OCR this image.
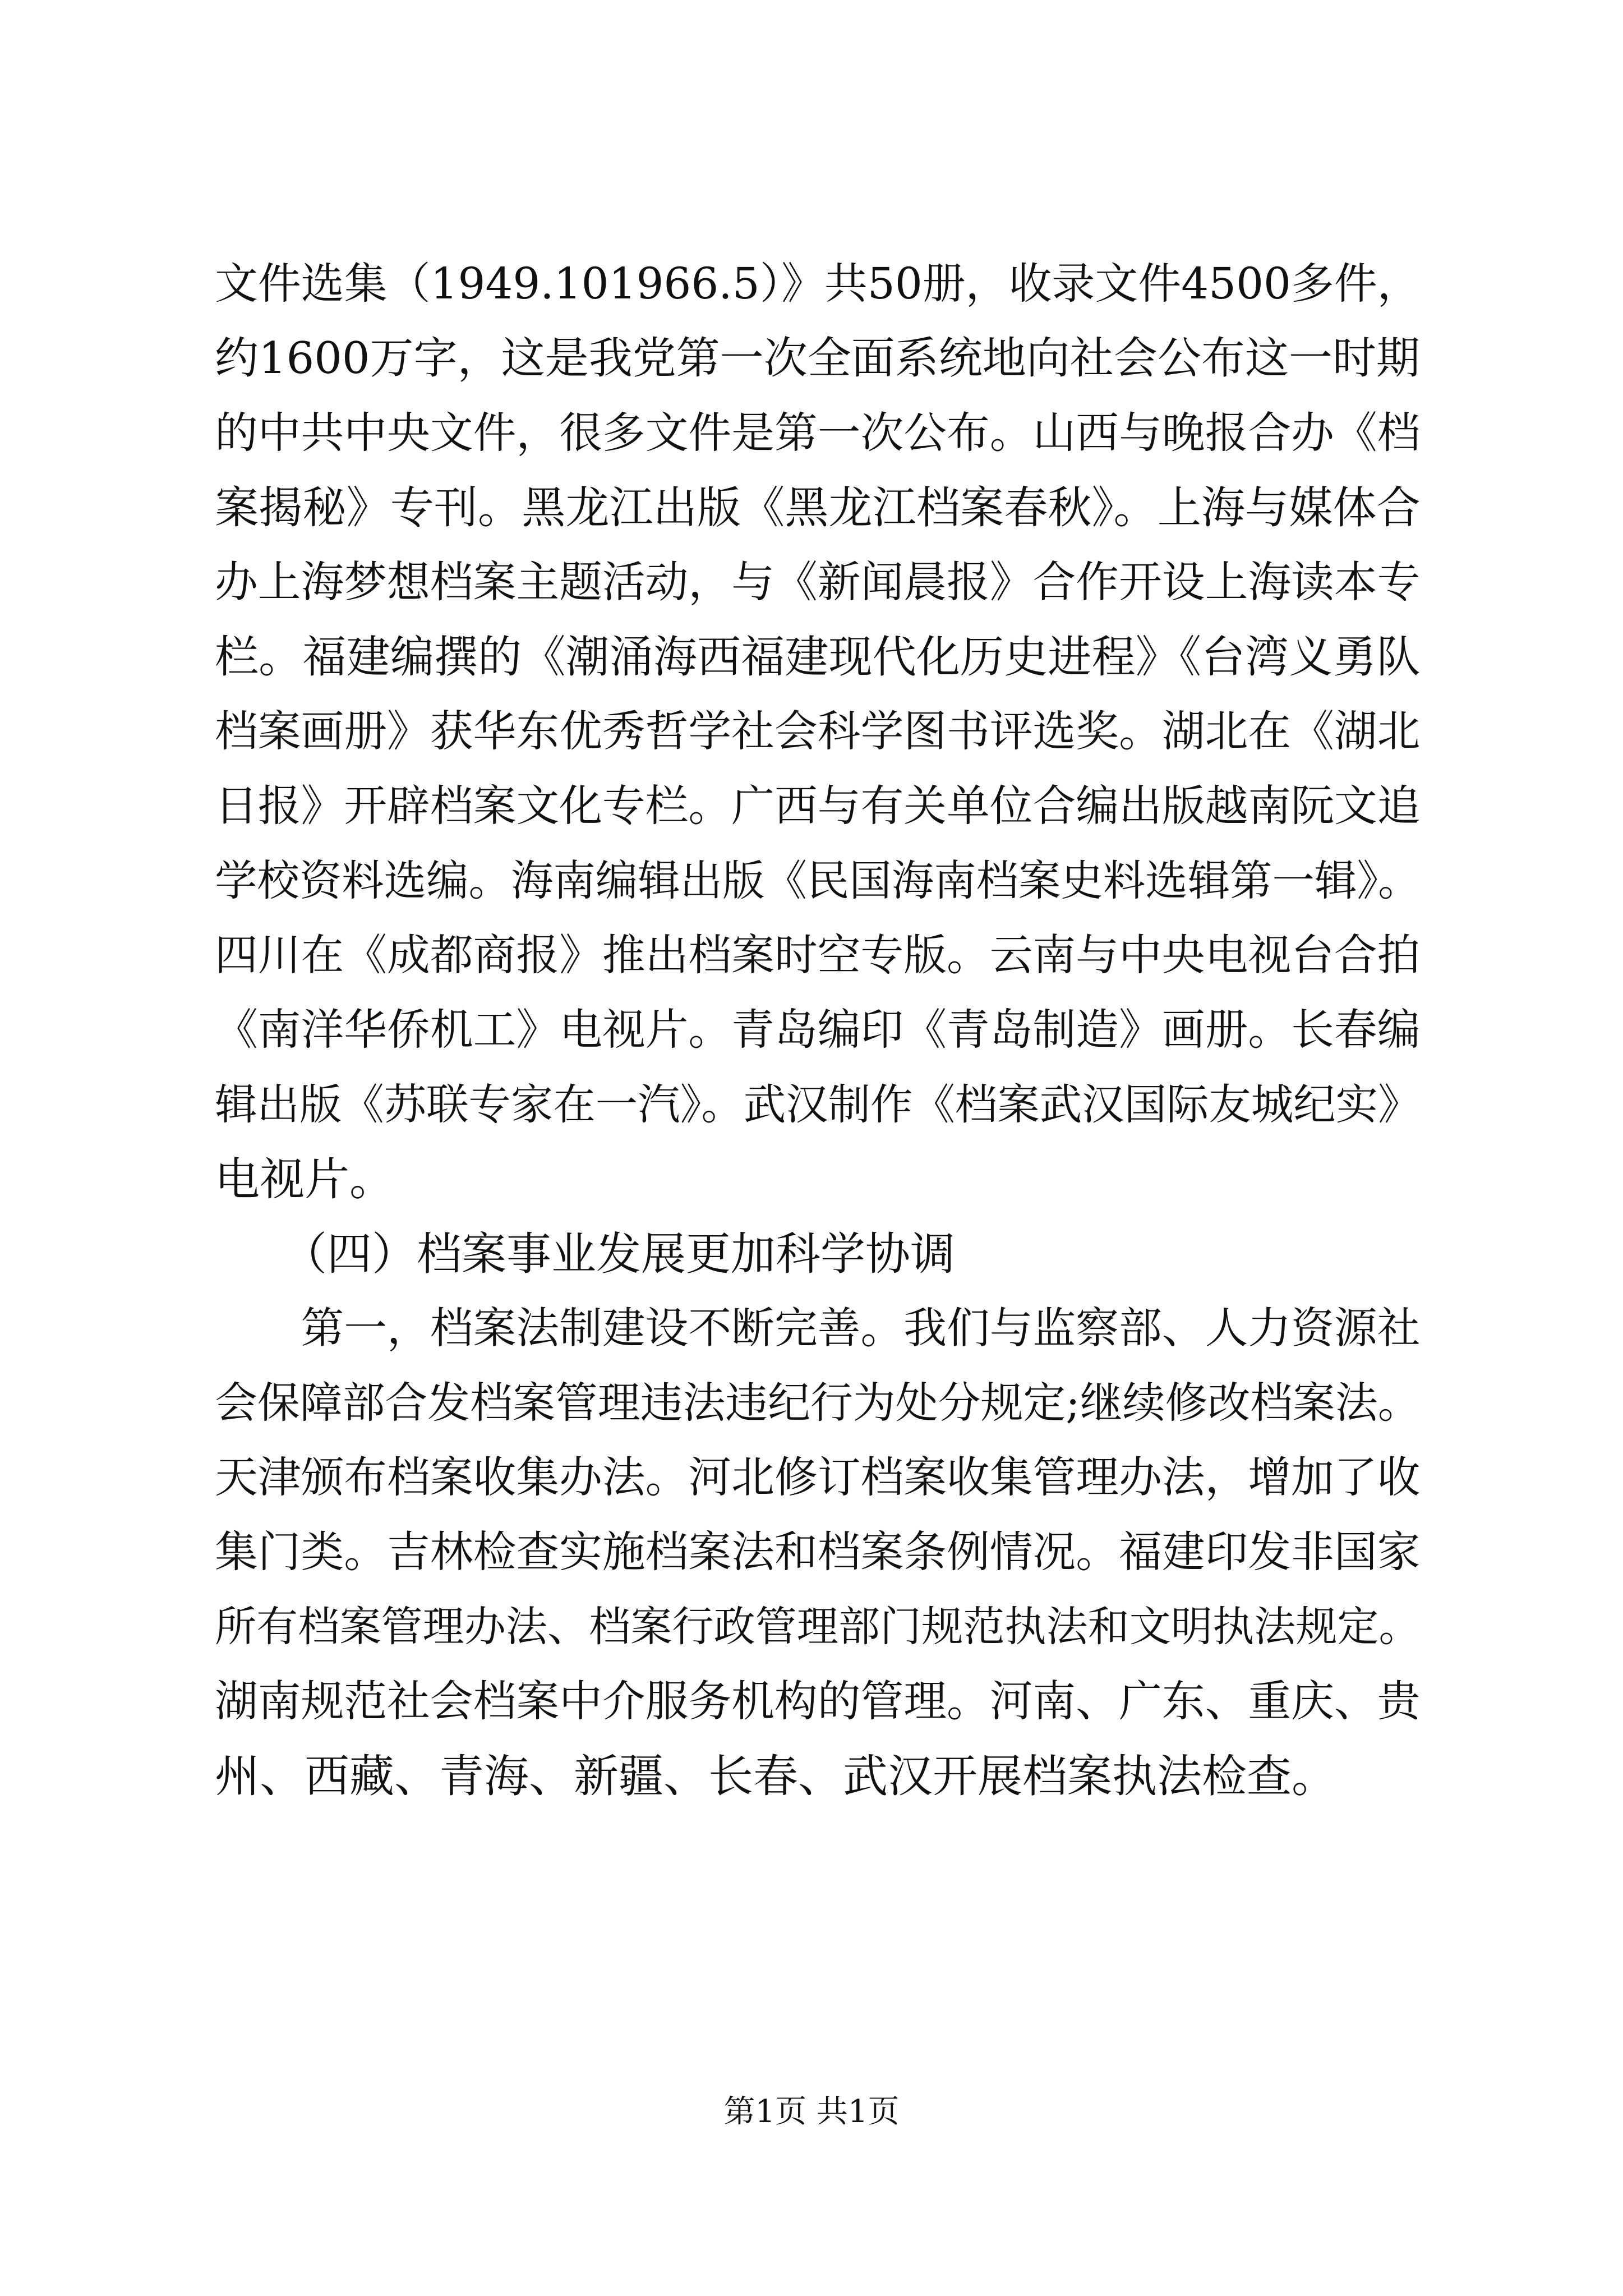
文件选集（1949.101966.5）》共50册，收录文件4500多件，
约1600万字，这是我党第一次全面系统地向社会公布这一时期
的中共中央文件，很多文件是第一次公布。山西与晚报合办《档
案揭秘》专刊。黑龙江出版《黑龙江档案春秋》。上海与媒体合
办上海梦想档案主题活动，与《新闻晨报》合作开设上海读本专
栏。福建编撰的《潮涌海西福建现代化历史进程》《台湾义勇队
档案画册》获华东优秀哲学社会科学图书评选奖。湖北在《湖北
日报》开辟档案文化专栏。广西与有关单位合编出版越南阮文追
学校资料选编。海南编辑出版《民国海南档案史料选辑第一辑》。
四川在《成都商报》推出档案时空专版。云南与中央电视台合拍
《南洋华侨机工》电视片。青岛编印《青岛制造》画册。长春编
辑出版《苏联专家在一汽》。武汉制作《档案武汉国际友城纪实》
电视片。
　　（四）档案事业发展更加科学协调
　　第一，档案法制建设不断完善。我们与监察部、人力资源社
会保障部合发档案管理违法违纪行为处分规定;继续修改档案法。
天津颁布档案收集办法。河北修订档案收集管理办法，增加了收
集门类。吉林检查实施档案法和档案条例情况。福建印发非国家
所有档案管理办法、档案行政管理部门规范执法和文明执法规定。
湖南规范社会档案中介服务机构的管理。河南、广东、重庆、贵
州、西藏、青海、新疆、长春、武汉开展档案执法检查。
第1页 共1页
